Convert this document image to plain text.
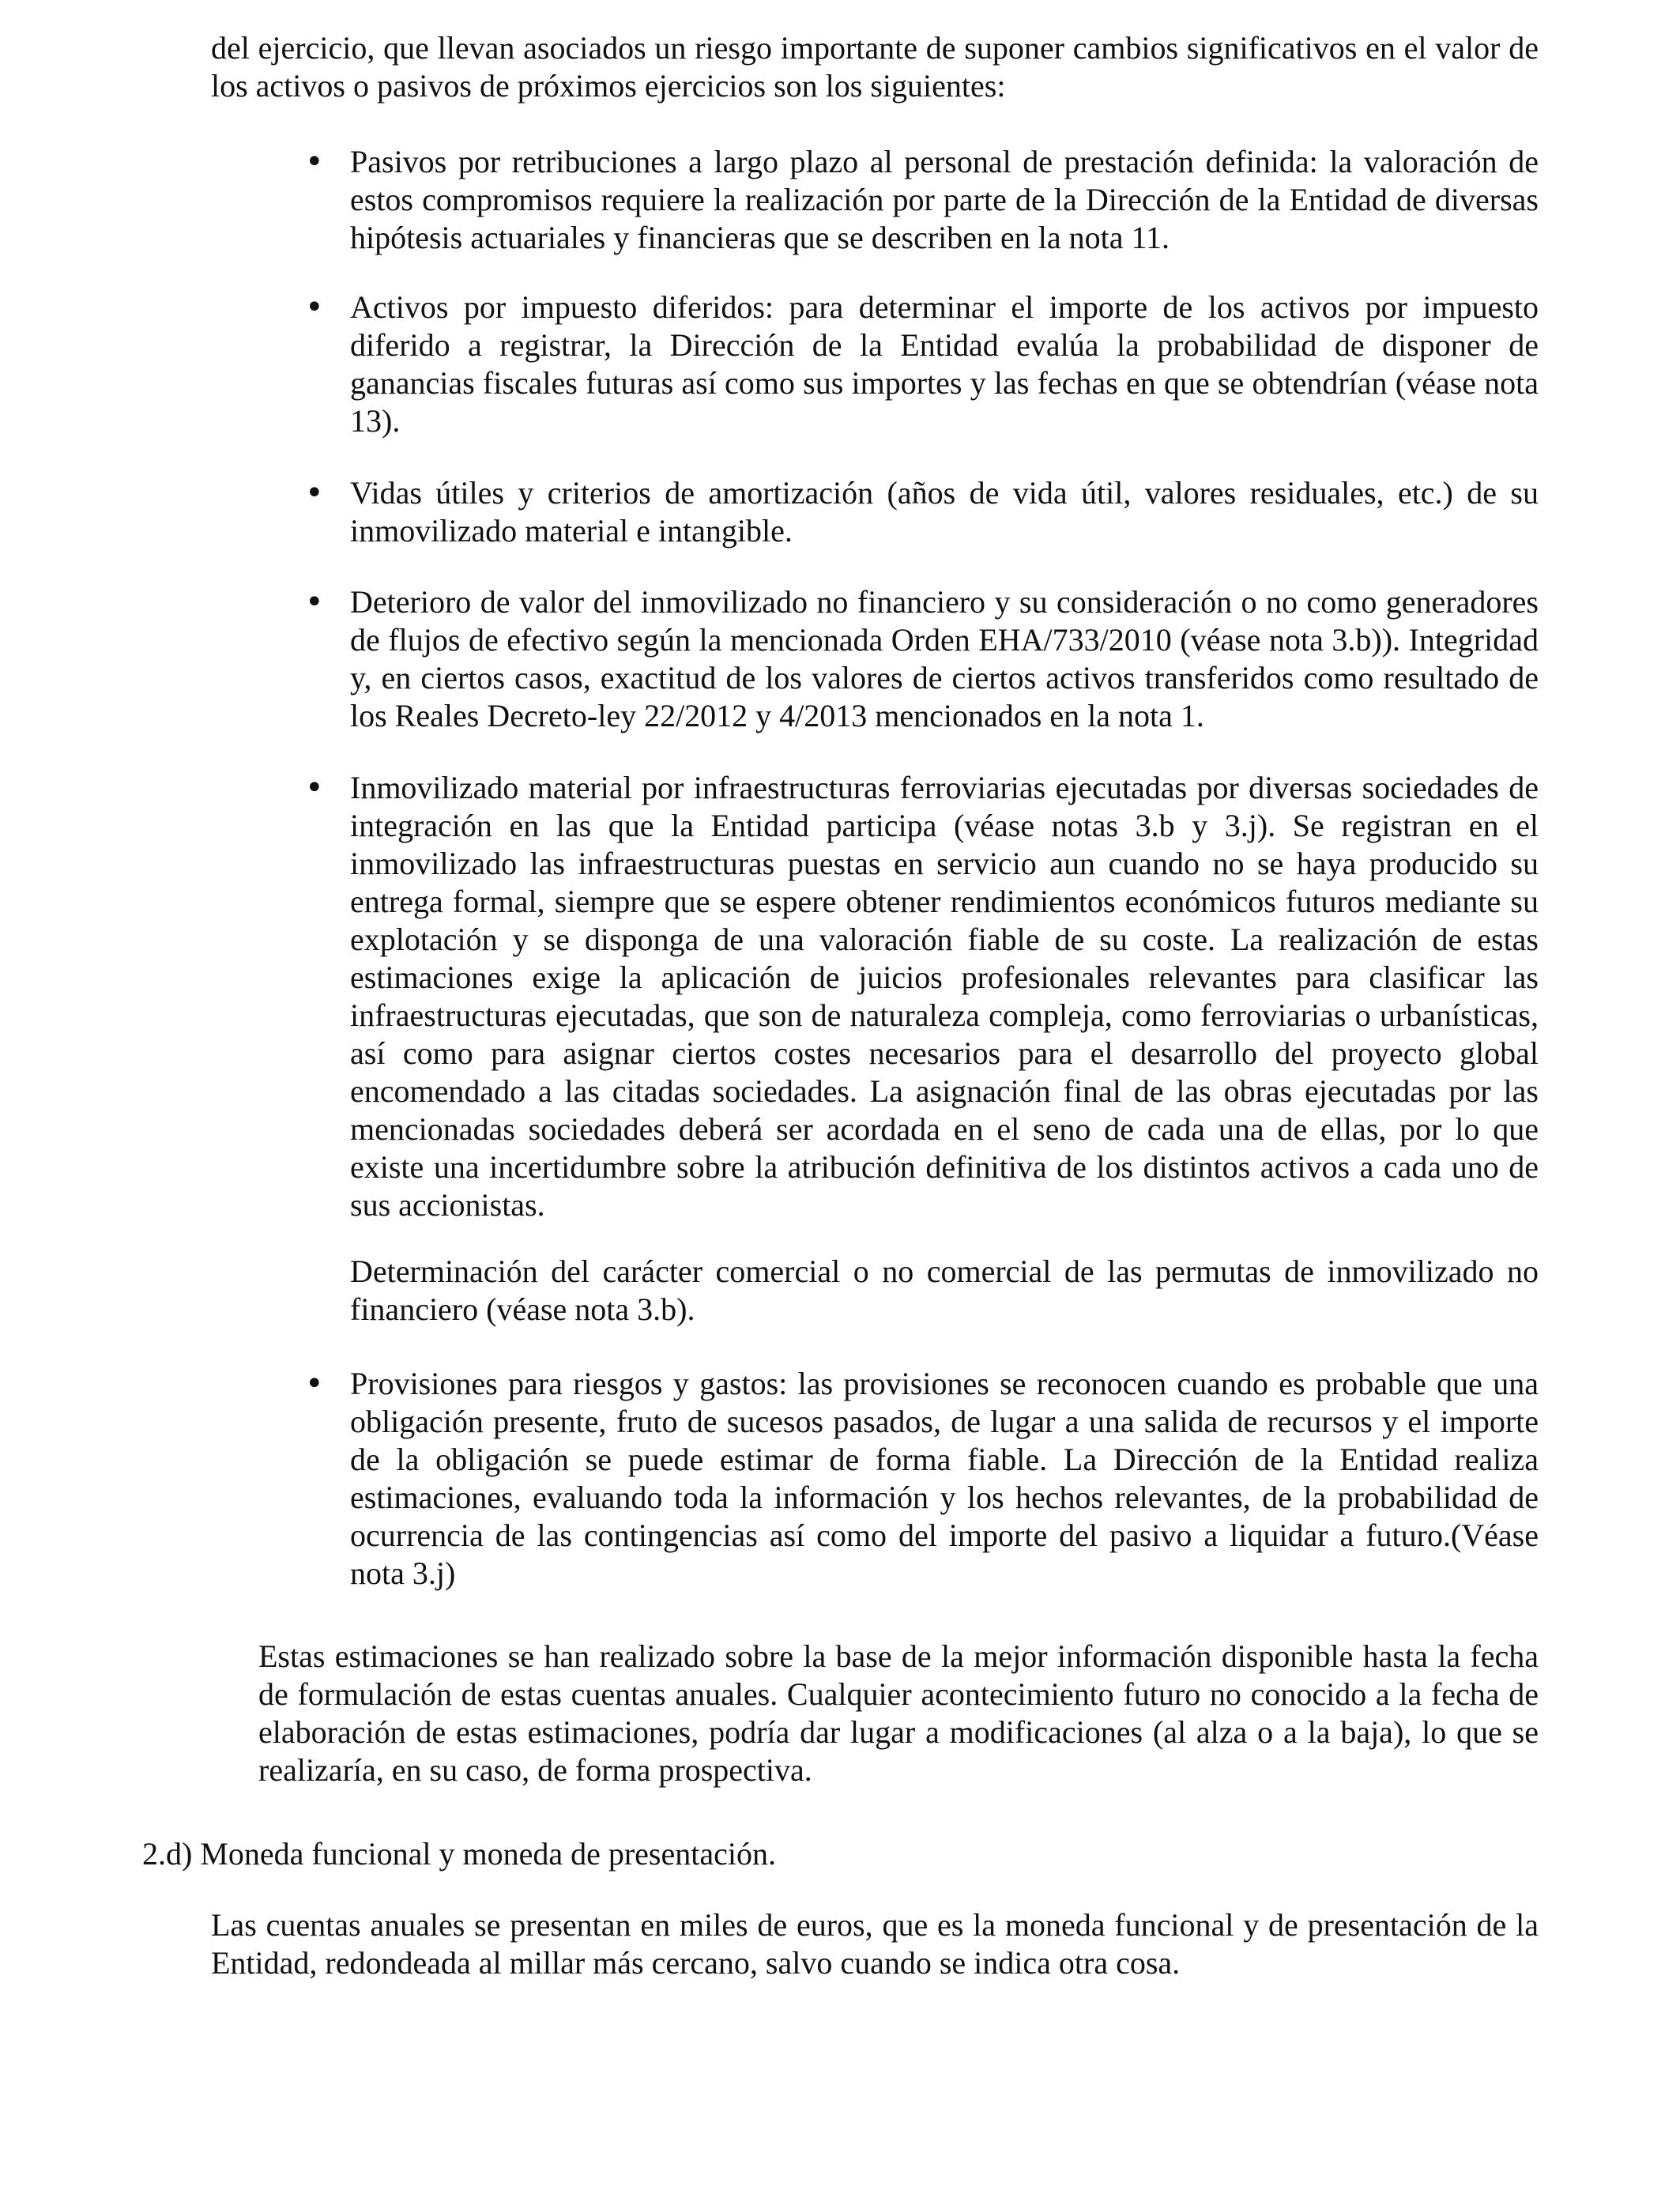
del ejercicio, que llevan asociados un riesgo importante de suponer cambios significativos en el valor de los activos o pasivos de próximos ejercicios son los siguientes:

• Pasivos por retribuciones a largo plazo al personal de prestación definida: la valoración de estos compromisos requiere la realización por parte de la Dirección de la Entidad de diversas hipótesis actuariales y financieras que se describen en la nota 11.
• Activos por impuesto diferidos: para determinar el importe de los activos por impuesto diferido a registrar, la Dirección de la Entidad evalúa la probabilidad de disponer de ganancias fiscales futuras así como sus importes y las fechas en que se obtendrían (véase nota 13).
• Vidas útiles y criterios de amortización (años de vida útil, valores residuales, etc.) de su inmovilizado material e intangible.
• Deterioro de valor del inmovilizado no financiero y su consideración o no como generadores de flujos de efectivo según la mencionada Orden EHA/733/2010 (véase nota 3.b)). Integridad y, en ciertos casos, exactitud de los valores de ciertos activos transferidos como resultado de los Reales Decreto-ley 22/2012 y 4/2013 mencionados en la nota 1.
• Inmovilizado material por infraestructuras ferroviarias ejecutadas por diversas sociedades de integración en las que la Entidad participa (véase notas 3.b y 3.j). Se registran en el inmovilizado las infraestructuras puestas en servicio aun cuando no se haya producido su entrega formal, siempre que se espere obtener rendimientos económicos futuros mediante su explotación y se disponga de una valoración fiable de su coste. La realización de estas estimaciones exige la aplicación de juicios profesionales relevantes para clasificar las infraestructuras ejecutadas, que son de naturaleza compleja, como ferroviarias o urbanísticas, así como para asignar ciertos costes necesarios para el desarrollo del proyecto global encomendado a las citadas sociedades. La asignación final de las obras ejecutadas por las mencionadas sociedades deberá ser acordada en el seno de cada una de ellas, por lo que existe una incertidumbre sobre la atribución definitiva de los distintos activos a cada uno de sus accionistas.
Determinación del carácter comercial o no comercial de las permutas de inmovilizado no financiero (véase nota 3.b).
• Provisiones para riesgos y gastos: las provisiones se reconocen cuando es probable que una obligación presente, fruto de sucesos pasados, de lugar a una salida de recursos y el importe de la obligación se puede estimar de forma fiable. La Dirección de la Entidad realiza estimaciones, evaluando toda la información y los hechos relevantes, de la probabilidad de ocurrencia de las contingencias así como del importe del pasivo a liquidar a futuro.(Véase nota 3.j)

Estas estimaciones se han realizado sobre la base de la mejor información disponible hasta la fecha de formulación de estas cuentas anuales. Cualquier acontecimiento futuro no conocido a la fecha de elaboración de estas estimaciones, podría dar lugar a modificaciones (al alza o a la baja), lo que se realizaría, en su caso, de forma prospectiva.

2.d) Moneda funcional y moneda de presentación.

Las cuentas anuales se presentan en miles de euros, que es la moneda funcional y de presentación de la Entidad, redondeada al millar más cercano, salvo cuando se indica otra cosa.
